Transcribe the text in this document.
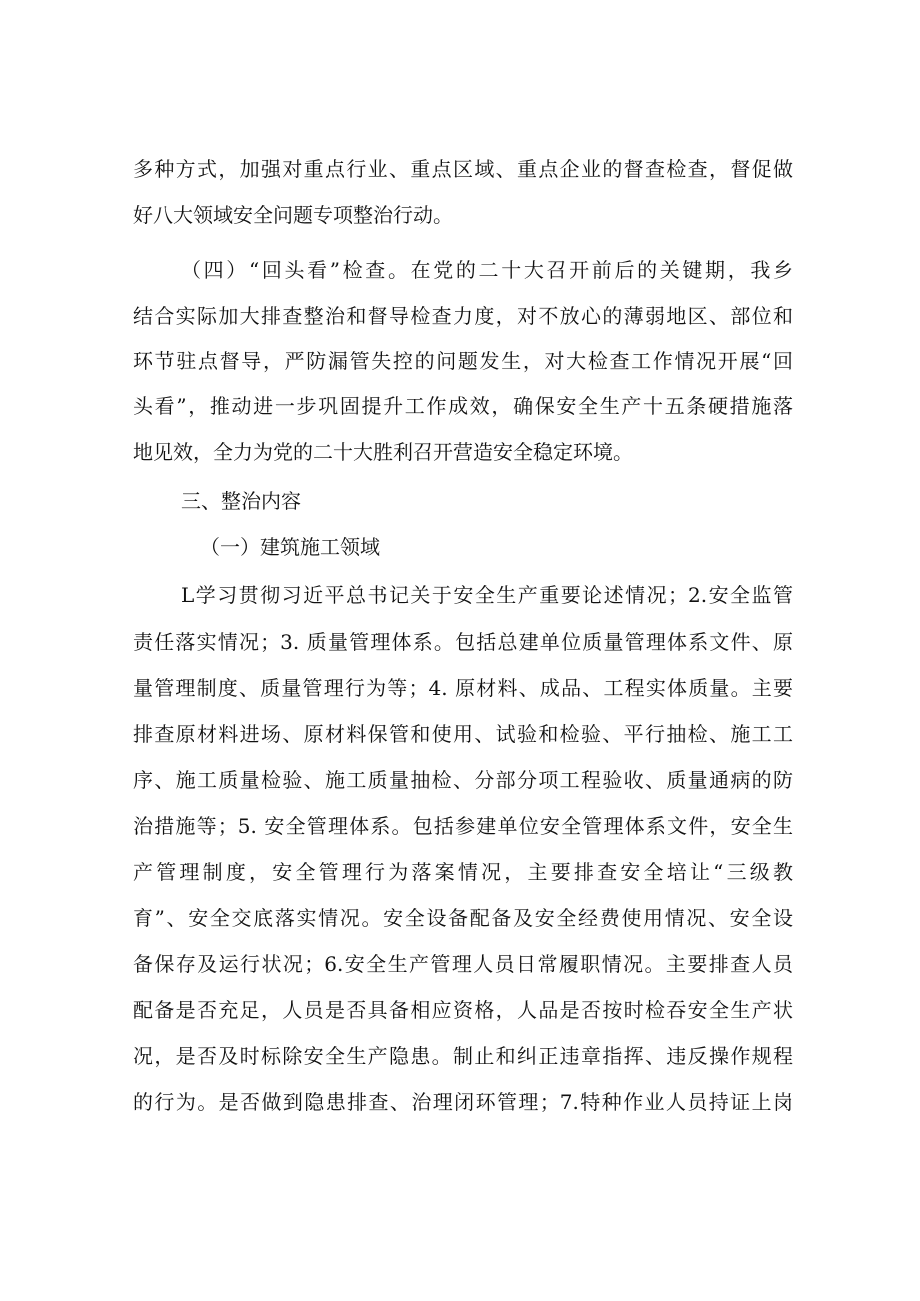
多种方式，加强对重点行业、重点区域、重点企业的督查检查，督促做
好八大领域安全问题专项整治行动。
（四）“回头看”检查。在党的二十大召开前后的关键期，我乡
结合实际加大排查整治和督导检查力度，对不放心的薄弱地区、部位和
环节驻点督导，严防漏管失控的问题发生，对大检查工作情况开展“回
头看”，推动进一步巩固提升工作成效，确保安全生产十五条硬措施落
地见效，全力为党的二十大胜利召开营造安全稳定环境。
三、整治内容
（一）建筑施工领域
L学习贯彻习近平总书记关于安全生产重要论述情况；2.安全监管
责任落实情况；3. 质量管理体系。包括总建单位质量管理体系文件、原
量管理制度、质量管理行为等；4. 原材料、成品、工程实体质量。主要
排查原材料进场、原材料保管和使用、试验和检验、平行抽检、施工工
序、施工质量检验、施工质量抽检、分部分项工程验收、质量通病的防
治措施等；5. 安全管理体系。包括参建单位安全管理体系文件，安全生
产管理制度，安全管理行为落案情况，主要排查安全培让“三级教
育”、安全交底落实情况。安全设备配备及安全经费使用情况、安全设
备保存及运行状况；6.安全生产管理人员日常履职情况。主要排查人员
配备是否充足，人员是否具备相应资格，人品是否按时检吞安全生产状
况，是否及时标除安全生产隐患。制止和纠正违章指挥、违反操作规程
的行为。是否做到隐患排查、治理闭环管理；7.特种作业人员持证上岗
